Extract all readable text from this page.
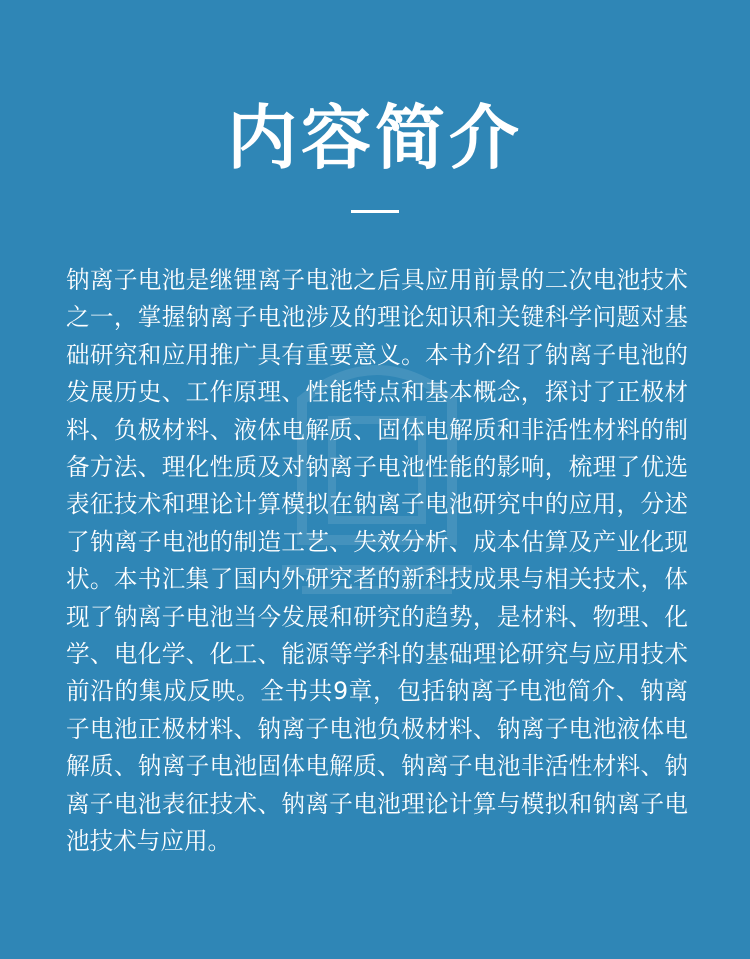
内容简介

钠离子电池是继锂离子电池之后具应用前景的二次电池技术之一，掌握钠离子电池涉及的理论知识和关键科学问题对基础研究和应用推广具有重要意义。本书介绍了钠离子电池的发展历史、工作原理、性能特点和基本概念，探讨了正极材料、负极材料、液体电解质、固体电解质和非活性材料的制备方法、理化性质及对钠离子电池性能的影响，梳理了优选表征技术和理论计算模拟在钠离子电池研究中的应用，分述了钠离子电池的制造工艺、失效分析、成本估算及产业化现状。本书汇集了国内外研究者的新科技成果与相关技术，体现了钠离子电池当今发展和研究的趋势，是材料、物理、化学、电化学、化工、能源等学科的基础理论研究与应用技术前沿的集成反映。全书共9章，包括钠离子电池简介、钠离子电池正极材料、钠离子电池负极材料、钠离子电池液体电解质、钠离子电池固体电解质、钠离子电池非活性材料、钠离子电池表征技术、钠离子电池理论计算与模拟和钠离子电池技术与应用。
